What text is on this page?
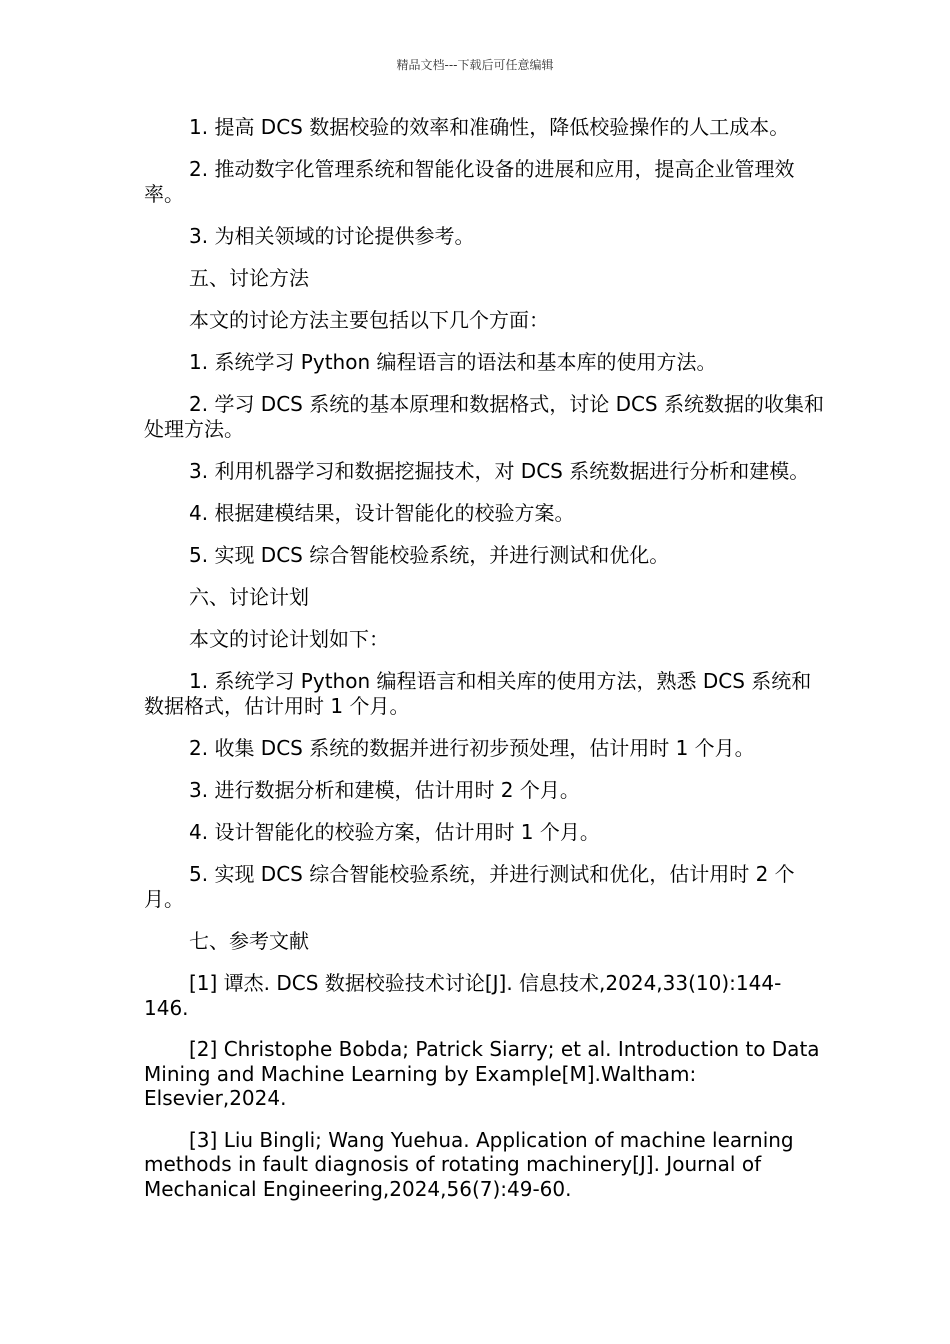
精品文档---下载后可任意编辑

1. 提高 DCS 数据校验的效率和准确性，降低校验操作的人工成本。

2. 推动数字化管理系统和智能化设备的进展和应用，提高企业管理效率。

3. 为相关领域的讨论提供参考。

五、讨论方法

本文的讨论方法主要包括以下几个方面：

1. 系统学习 Python 编程语言的语法和基本库的使用方法。

2. 学习 DCS 系统的基本原理和数据格式，讨论 DCS 系统数据的收集和处理方法。

3. 利用机器学习和数据挖掘技术，对 DCS 系统数据进行分析和建模。

4. 根据建模结果，设计智能化的校验方案。

5. 实现 DCS 综合智能校验系统，并进行测试和优化。

六、讨论计划

本文的讨论计划如下：

1. 系统学习 Python 编程语言和相关库的使用方法，熟悉 DCS 系统和数据格式，估计用时 1 个月。

2. 收集 DCS 系统的数据并进行初步预处理，估计用时 1 个月。

3. 进行数据分析和建模，估计用时 2 个月。

4. 设计智能化的校验方案，估计用时 1 个月。

5. 实现 DCS 综合智能校验系统，并进行测试和优化，估计用时 2 个月。

七、参考文献

[1] 谭杰. DCS 数据校验技术讨论[J]. 信息技术,2024,33(10):144-146.

[2] Christophe Bobda; Patrick Siarry; et al. Introduction to Data Mining and Machine Learning by Example[M].Waltham: Elsevier,2024.

[3] Liu Bingli; Wang Yuehua. Application of machine learning methods in fault diagnosis of rotating machinery[J]. Journal of Mechanical Engineering,2024,56(7):49-60.
